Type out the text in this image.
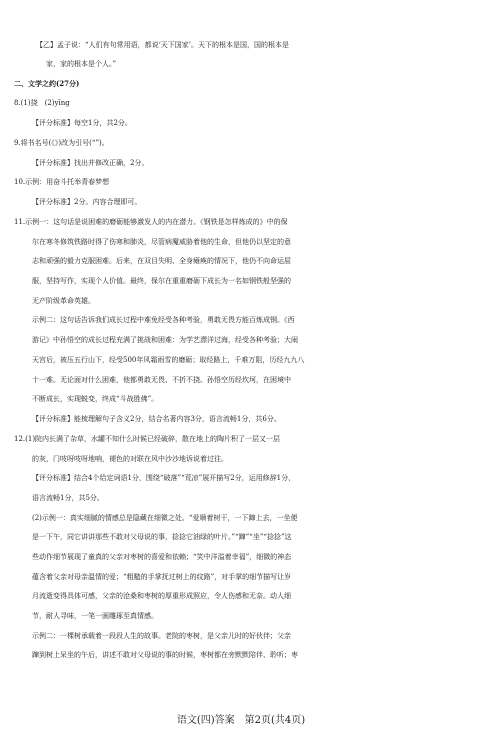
【乙】孟子说：“人们有句常用语，都说‘天下国家’。天下的根本是国，国的根本是
家，家的根本是个人。”
二、文学之约(27分)
8.(1)挠　(2)yīng
【评分标准】每空1分，共2分。
9.将书名号(《》)改为引号(“”)。
【评分标准】找出并修改正确，2分。
10.示例：用奋斗托举青春梦想
【评分标准】2分。内容合理即可。
11.示例一：这句话是说困难的磨砺能够激发人的内在潜力。《钢铁是怎样炼成的》中的保
尔在寒冬修筑铁路时得了伤寒和肺炎，尽管病魔威胁着他的生命，但他仍以坚定的意
志和顽强的毅力克服困难。后来，在双目失明、全身瘫痪的情况下，他仍不向命运屈
服，坚持写作，实现个人价值。最终，保尔在重重磨砺下成长为一名如钢铁般坚强的
无产阶级革命英雄。
示例二：这句话告诉我们成长过程中难免经受各种考验，勇敢无畏方能百炼成钢。《西
游记》中孙悟空的成长过程充满了挑战和困难：为学艺漂洋过海，经受各种考验；大闹
天宫后，被压五行山下，经受500年风霜雨雪的磨砺；取经路上，千难万阻，历经九九八
十一难。无论面对什么困难，他都勇敢无畏、不折不挠。孙悟空历经坎坷，在困境中
不断成长，实现蜕变，终成“斗战胜佛”。
【评分标准】能梳理解句子含义2分，结合名著内容3分，语言流畅1分，共6分。
12.(1)院内长满了杂草，水罐不知什么时候已经破碎，散在地上的陶片积了一层又一层
的灰，门吱呀吱呀地响，褪色的对联在风中沙沙地诉说着过往。
【评分标准】结合4个给定词语1分，围绕“破落”“荒凉”展开描写2分，运用修辞1分，
语言流畅1分，共5分。
(2)示例一：真实细腻的情感总是隐藏在细微之处。“爱顺着树干，一下蹿上去，一坐便
是一下午，同它讲讲那些不敢对父母说的事，捻捻它油绿的叶片。”“蹿”“坐”“捻捻”这
些动作细节展现了童真的父亲对枣树的喜爱和依赖；“笑中洋溢着幸福”，细微的神态
蕴含着父亲对母亲温情的爱；“粗糙的手掌抚过树上的纹路”，对手掌的细节描写让岁
月流逝变得具体可感，父亲的沧桑和枣树的厚重形成照应，令人伤感和无奈。动人细
节，耐人寻味，一笔一画雕琢至真情感。
示例二：一棵树承载着一段段人生的故事。老院的枣树，是父亲儿时的好伙伴；父亲
蹿到树上呆坐的午后，讲述不敢对父母说的事的时候，枣树都在旁默默陪伴、聆听；枣
语文(四)答案　第2页(共4页)
